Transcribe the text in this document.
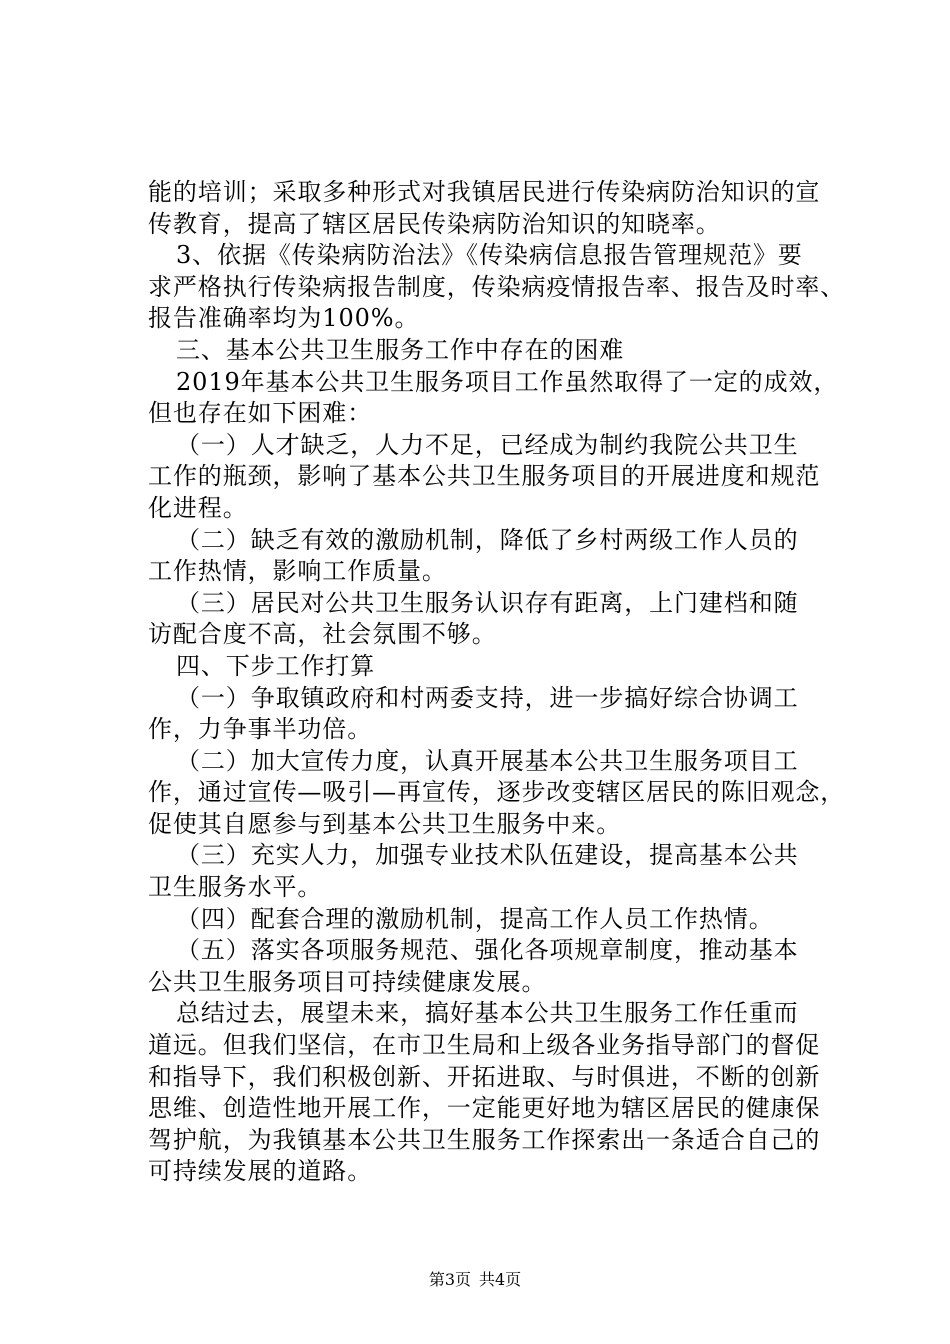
能的培训；采取多种形式对我镇居民进行传染病防治知识的宣
传教育，提高了辖区居民传染病防治知识的知晓率。
3、依据《传染病防治法》《传染病信息报告管理规范》要
求严格执行传染病报告制度，传染病疫情报告率、报告及时率、
报告准确率均为100%。
三、基本公共卫生服务工作中存在的困难
2019年基本公共卫生服务项目工作虽然取得了一定的成效，
但也存在如下困难：
（一）人才缺乏，人力不足，已经成为制约我院公共卫生
工作的瓶颈，影响了基本公共卫生服务项目的开展进度和规范
化进程。
（二）缺乏有效的激励机制，降低了乡村两级工作人员的
工作热情，影响工作质量。
（三）居民对公共卫生服务认识存有距离，上门建档和随
访配合度不高，社会氛围不够。
四、下步工作打算
（一）争取镇政府和村两委支持，进一步搞好综合协调工
作，力争事半功倍。
（二）加大宣传力度，认真开展基本公共卫生服务项目工
作，通过宣传—吸引—再宣传，逐步改变辖区居民的陈旧观念，
促使其自愿参与到基本公共卫生服务中来。
（三）充实人力，加强专业技术队伍建设，提高基本公共
卫生服务水平。
（四）配套合理的激励机制，提高工作人员工作热情。
（五）落实各项服务规范、强化各项规章制度，推动基本
公共卫生服务项目可持续健康发展。
总结过去，展望未来，搞好基本公共卫生服务工作任重而
道远。但我们坚信，在市卫生局和上级各业务指导部门的督促
和指导下，我们积极创新、开拓进取、与时俱进，不断的创新
思维、创造性地开展工作，一定能更好地为辖区居民的健康保
驾护航，为我镇基本公共卫生服务工作探索出一条适合自己的
可持续发展的道路。
第3页 共4页
